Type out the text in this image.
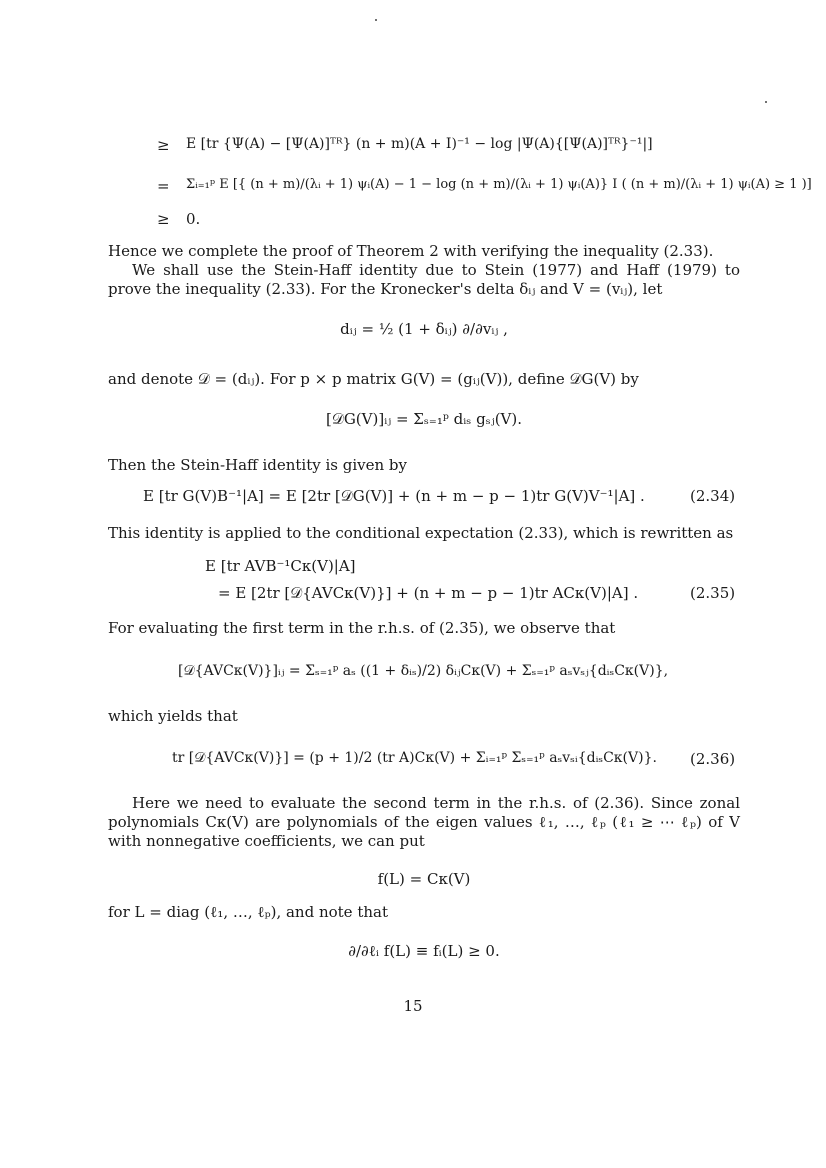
≥ E [tr {Ψ(A) − [Ψ(A)]ᵀᴿ} (n + m)(A + I)⁻¹ − log |Ψ(A){[Ψ(A)]ᵀᴿ}⁻¹|]
= Σᵢ₌₁ᵖ E [{ (n + m)/(λᵢ + 1) ψᵢ(A) − 1 − log (n + m)/(λᵢ + 1) ψᵢ(A)} I ( (n + m)/(λᵢ + 1) ψᵢ(A) ≥ 1 )]
≥ 0.
Hence we complete the proof of Theorem 2 with verifying the inequality (2.33).
We shall use the Stein-Haff identity due to Stein (1977) and Haff (1979) to prove the inequality (2.33). For the Kronecker's delta δᵢⱼ and V = (vᵢⱼ), let
dᵢⱼ = ½ (1 + δᵢⱼ) ∂/∂vᵢⱼ ,
and denote 𝒟 = (dᵢⱼ). For p × p matrix G(V) = (gᵢⱼ(V)), define 𝒟G(V) by
[𝒟G(V)]ᵢⱼ = Σₛ₌₁ᵖ dᵢₛ gₛⱼ(V).
Then the Stein-Haff identity is given by
E [tr G(V)B⁻¹|A] = E [2tr [𝒟G(V)] + (n + m − p − 1)tr G(V)V⁻¹|A] .	(2.34)
This identity is applied to the conditional expectation (2.33), which is rewritten as
E [tr AVB⁻¹Cκ(V)|A]
= E [2tr [𝒟{AVCκ(V)}] + (n + m − p − 1)tr ACκ(V)|A] .	(2.35)
For evaluating the first term in the r.h.s. of (2.35), we observe that
[𝒟{AVCκ(V)}]ᵢⱼ = Σₛ₌₁ᵖ aₛ ((1 + δᵢₛ)/2) δᵢⱼCκ(V) + Σₛ₌₁ᵖ aₛvₛⱼ{dᵢₛCκ(V)},
which yields that
tr [𝒟{AVCκ(V)}] = (p + 1)/2 (tr A)Cκ(V) + Σᵢ₌₁ᵖ Σₛ₌₁ᵖ aₛvₛᵢ{dᵢₛCκ(V)}. (2.36)
Here we need to evaluate the second term in the r.h.s. of (2.36). Since zonal polynomials Cκ(V) are polynomials of the eigen values ℓ₁, …, ℓₚ (ℓ₁ ≥ ⋯ ℓₚ) of V with nonnegative coefficients, we can put
f(L) = Cκ(V)
for L = diag (ℓ₁, …, ℓₚ), and note that
∂/∂ℓᵢ f(L) ≡ fᵢ(L) ≥ 0.
15
